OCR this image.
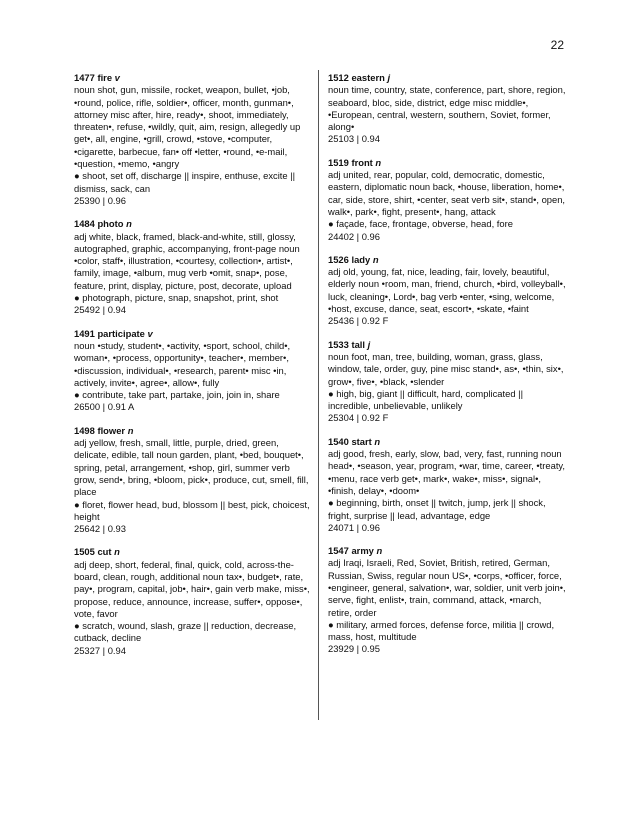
22
1477 fire v
noun shot, gun, missile, rocket, weapon, bullet, •job, •round, police, rifle, soldier•, officer, month, gunman•, attorney misc after, hire, ready•, shoot, immediately, threaten•, refuse, •wildly, quit, aim, resign, allegedly up get•, all, engine, •grill, crowd, •stove, •computer, •cigarette, barbecue, fan• off •letter, •round, •e-mail, •question, •memo, •angry
● shoot, set off, discharge || inspire, enthuse, excite || dismiss, sack, can
25390 | 0.96
1484 photo n
adj white, black, framed, black-and-white, still, glossy, autographed, graphic, accompanying, front-page noun •color, staff•, illustration, •courtesy, collection•, artist•, family, image, •album, mug verb •omit, snap•, pose, feature, print, display, picture, post, decorate, upload
● photograph, picture, snap, snapshot, print, shot
25492 | 0.94
1491 participate v
noun •study, student•, •activity, •sport, school, child•, woman•, •process, opportunity•, teacher•, member•, •discussion, individual•, •research, parent• misc •in, actively, invite•, agree•, allow•, fully
● contribute, take part, partake, join, join in, share
26500 | 0.91 A
1498 flower n
adj yellow, fresh, small, little, purple, dried, green, delicate, edible, tall noun garden, plant, •bed, bouquet•, spring, petal, arrangement, •shop, girl, summer verb grow, send•, bring, •bloom, pick•, produce, cut, smell, fill, place
● floret, flower head, bud, blossom || best, pick, choicest, height
25642 | 0.93
1505 cut n
adj deep, short, federal, final, quick, cold, across-the-board, clean, rough, additional noun tax•, budget•, rate, pay•, program, capital, job•, hair•, gain verb make, miss•, propose, reduce, announce, increase, suffer•, oppose•, vote, favor
● scratch, wound, slash, graze || reduction, decrease, cutback, decline
25327 | 0.94
1512 eastern j
noun time, country, state, conference, part, shore, region, seaboard, bloc, side, district, edge misc middle•, •European, central, western, southern, Soviet, former, along•
25103 | 0.94
1519 front n
adj united, rear, popular, cold, democratic, domestic, eastern, diplomatic noun back, •house, liberation, home•, car, side, store, shirt, •center, seat verb sit•, stand•, open, walk•, park•, fight, present•, hang, attack
● façade, face, frontage, obverse, head, fore
24402 | 0.96
1526 lady n
adj old, young, fat, nice, leading, fair, lovely, beautiful, elderly noun •room, man, friend, church, •bird, volleyball•, luck, cleaning•, Lord•, bag verb •enter, •sing, welcome, •host, excuse, dance, seat, escort•, •skate, •faint
25436 | 0.92 F
1533 tall j
noun foot, man, tree, building, woman, grass, glass, window, tale, order, guy, pine misc stand•, as•, •thin, six•, grow•, five•, •black, •slender
● high, big, giant || difficult, hard, complicated || incredible, unbelievable, unlikely
25304 | 0.92 F
1540 start n
adj good, fresh, early, slow, bad, very, fast, running noun head•, •season, year, program, •war, time, career, •treaty, •menu, race verb get•, mark•, wake•, miss•, signal•, •finish, delay•, •doom•
● beginning, birth, onset || twitch, jump, jerk || shock, fright, surprise || lead, advantage, edge
24071 | 0.96
1547 army n
adj Iraqi, Israeli, Red, Soviet, British, retired, German, Russian, Swiss, regular noun US•, •corps, •officer, force, •engineer, general, salvation•, war, soldier, unit verb join•, serve, fight, enlist•, train, command, attack, •march, retire, order
● military, armed forces, defense force, militia || crowd, mass, host, multitude
23929 | 0.95
